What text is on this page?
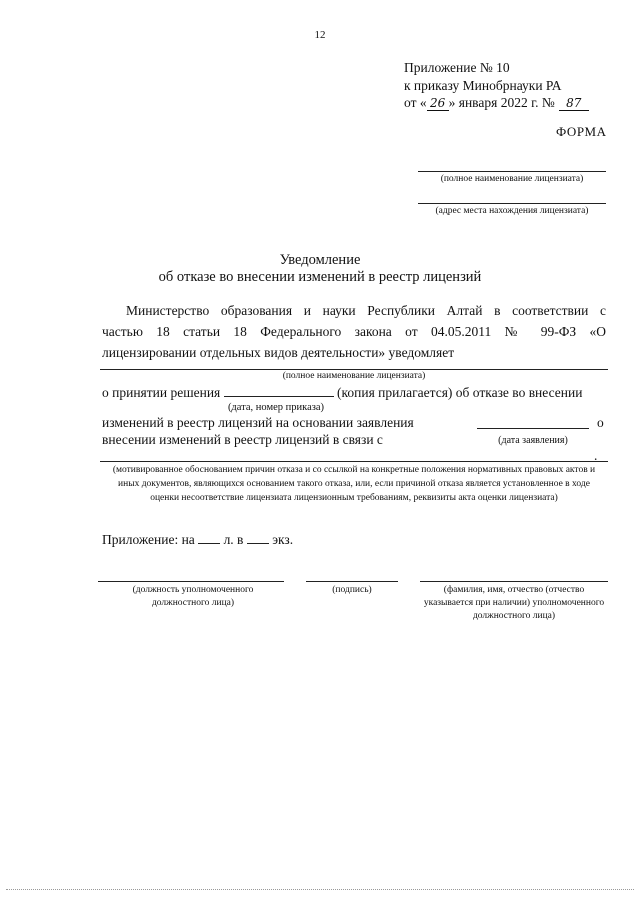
12
Приложение № 10
к приказу Минобрнауки РА
от « 26 » января 2022 г. № 87
ФОРМА
(полное наименование лицензиата)
(адрес места нахождения лицензиата)
Уведомление
об отказе во внесении изменений в реестр лицензий
Министерство образования и науки Республики Алтай в соответствии с
частью 18 статьи 18 Федерального закона от 04.05.2011 № 99-ФЗ «О
лицензировании отдельных видов деятельности» уведомляет
(полное наименование лицензиата)
о принятии решения	(копия прилагается) об отказе во внесении
(дата, номер приказа)
изменений в реестр лицензий на основании заявления	о
внесении изменений в реестр лицензий в связи с	(дата заявления)
.
(мотивированное обоснованием причин отказа и со ссылкой на конкретные положения нормативных правовых актов и иных документов, являющихся основанием такого отказа, или, если причиной отказа является установленное в ходе оценки несоответствие лицензиата лицензионным требованиям, реквизиты акта оценки лицензиата)
Приложение: на л. в экз.
(должность уполномоченного должностного лица)
(подпись)	(фамилия, имя, отчество (отчество указывается при наличии) уполномоченного должностного лица)
